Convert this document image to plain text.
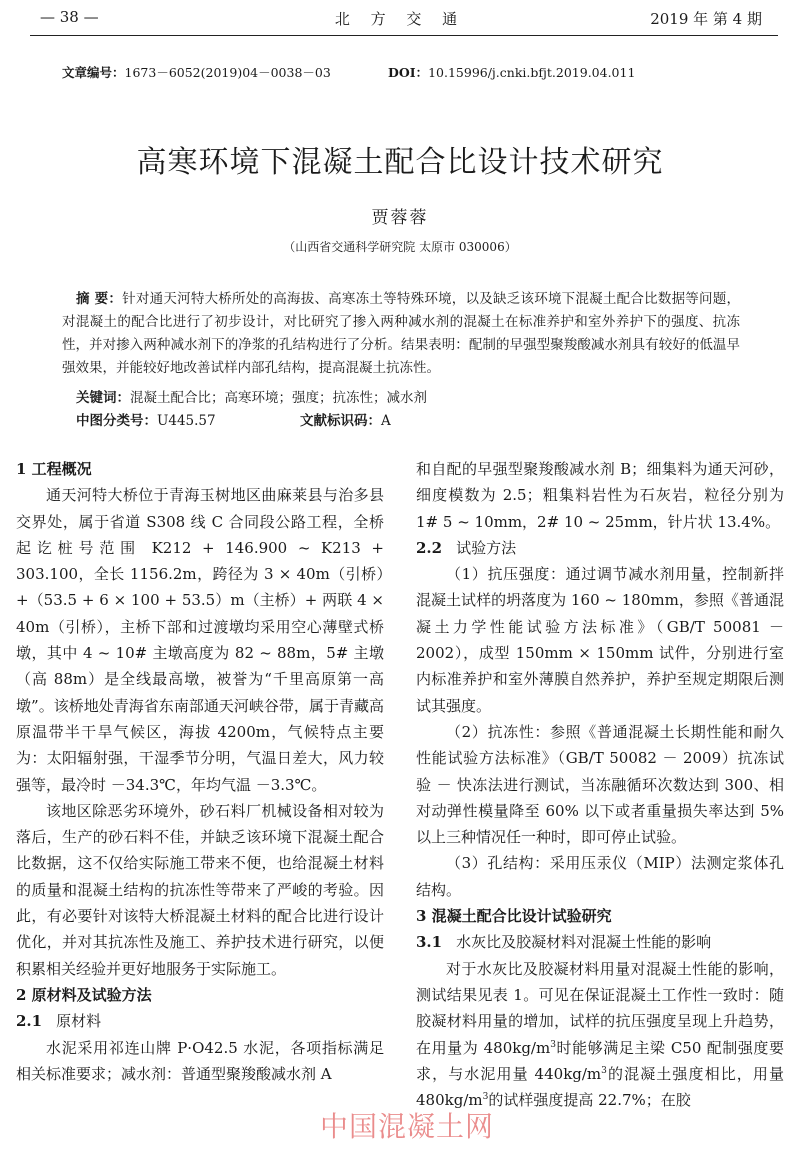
— 38 —	北 方 交 通	2019 年 第 4 期
文章编号：1673－6052(2019)04－0038－03	DOI：10.15996/j.cnki.bfjt.2019.04.011
高寒环境下混凝土配合比设计技术研究
贾蓉蓉
（山西省交通科学研究院 太原市 030006）
摘 要：针对通天河特大桥所处的高海拔、高寒冻土等特殊环境，以及缺乏该环境下混凝土配合比数据等问题，对混凝土的配合比进行了初步设计，对比研究了掺入两种减水剂的混凝土在标准养护和室外养护下的强度、抗冻性，并对掺入两种减水剂下的净浆的孔结构进行了分析。结果表明：配制的早强型聚羧酸减水剂具有较好的低温早强效果，并能较好地改善试样内部孔结构，提高混凝土抗冻性。
关键词：混凝土配合比；高寒环境；强度；抗冻性；减水剂
中图分类号：U445.57	文献标识码：A
1 工程概况

通天河特大桥位于青海玉树地区曲麻莱县与治多县交界处，属于省道 S308 线 C 合同段公路工程，全桥起讫桩号范围 K212 + 146.900 ~ K213 + 303.100，全长 1156.2m，跨径为 3 × 40m（引桥）+（53.5 + 6 × 100 + 53.5）m（主桥）+ 两联 4 × 40m（引桥），主桥下部和过渡墩均采用空心薄壁式桥墩，其中 4 ~ 10# 主墩高度为 82 ~ 88m，5# 主墩（高 88m）是全线最高墩，被誉为“千里高原第一高墩”。该桥地处青海省东南部通天河峡谷带，属于青藏高原温带半干旱气候区，海拔 4200m，气候特点主要为：太阳辐射强，干湿季节分明，气温日差大，风力较强等，最冷时 －34.3℃，年均气温 －3.3℃。

该地区除恶劣环境外，砂石料厂机械设备相对较为落后，生产的砂石料不佳，并缺乏该环境下混凝土配合比数据，这不仅给实际施工带来不便，也给混凝土材料的质量和混凝土结构的抗冻性等带来了严峻的考验。因此，有必要针对该特大桥混凝土材料的配合比进行设计优化，并对其抗冻性及施工、养护技术进行研究，以便积累相关经验并更好地服务于实际施工。

2 原材料及试验方法
2.1 原材料

水泥采用祁连山牌 P·O42.5 水泥，各项指标满足相关标准要求；减水剂：普通型聚羧酸减水剂 A

和自配的早强型聚羧酸减水剂 B；细集料为通天河砂，细度模数为 2.5；粗集料岩性为石灰岩，粒径分别为 1# 5 ~ 10mm，2# 10 ~ 25mm，针片状 13.4%。

2.2 试验方法

（1）抗压强度：通过调节减水剂用量，控制新拌混凝土试样的坍落度为 160 ~ 180mm，参照《普通混凝土力学性能试验方法标准》（GB/T 50081 － 2002），成型 150mm × 150mm 试件，分别进行室内标准养护和室外薄膜自然养护，养护至规定期限后测试其强度。

（2）抗冻性：参照《普通混凝土长期性能和耐久性能试验方法标准》（GB/T 50082 － 2009）抗冻试验 － 快冻法进行测试，当冻融循环次数达到 300、相对动弹性模量降至 60% 以下或者重量损失率达到 5% 以上三种情况任一种时，即可停止试验。

（3）孔结构：采用压汞仪（MIP）法测定浆体孔结构。

3 混凝土配合比设计试验研究
3.1 水灰比及胶凝材料对混凝土性能的影响

对于水灰比及胶凝材料用量对混凝土性能的影响，测试结果见表 1。可见在保证混凝土工作性一致时：随胶凝材料用量的增加，试样的抗压强度呈现上升趋势，在用量为 $480kg/m^3$时能够满足主梁 C50 配制强度要求，与水泥用量 $440kg/m^3$的混凝土强度相比，用量 $480kg/m^3$的试样强度提高 22.7%；在胶

中国混凝土网
